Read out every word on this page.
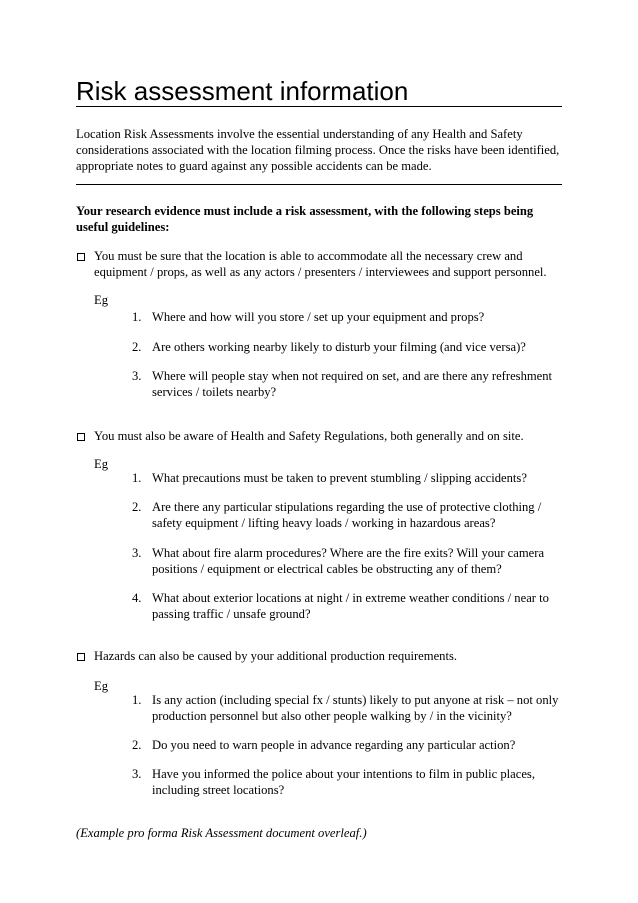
Risk assessment information
Location Risk Assessments involve the essential understanding of any Health and Safety considerations associated with the location filming process. Once the risks have been identified, appropriate notes to guard against any possible accidents can be made.
Your research evidence must include a risk assessment, with the following steps being useful guidelines:
You must be sure that the location is able to accommodate all the necessary crew and equipment / props, as well as any actors / presenters / interviewees and support personnel.
Eg
1. Where and how will you store / set up your equipment and props?
2. Are others working nearby likely to disturb your filming (and vice versa)?
3. Where will people stay when not required on set, and are there any refreshment services / toilets nearby?
You must also be aware of Health and Safety Regulations, both generally and on site.
Eg
1. What precautions must be taken to prevent stumbling / slipping accidents?
2. Are there any particular stipulations regarding the use of protective clothing / safety equipment / lifting heavy loads / working in hazardous areas?
3. What about fire alarm procedures? Where are the fire exits? Will your camera positions / equipment or electrical cables be obstructing any of them?
4. What about exterior locations at night / in extreme weather conditions / near to passing traffic / unsafe ground?
Hazards can also be caused by your additional production requirements.
Eg
1. Is any action (including special fx / stunts) likely to put anyone at risk – not only production personnel but also other people walking by / in the vicinity?
2. Do you need to warn people in advance regarding any particular action?
3. Have you informed the police about your intentions to film in public places, including street locations?
(Example pro forma Risk Assessment document overleaf.)
